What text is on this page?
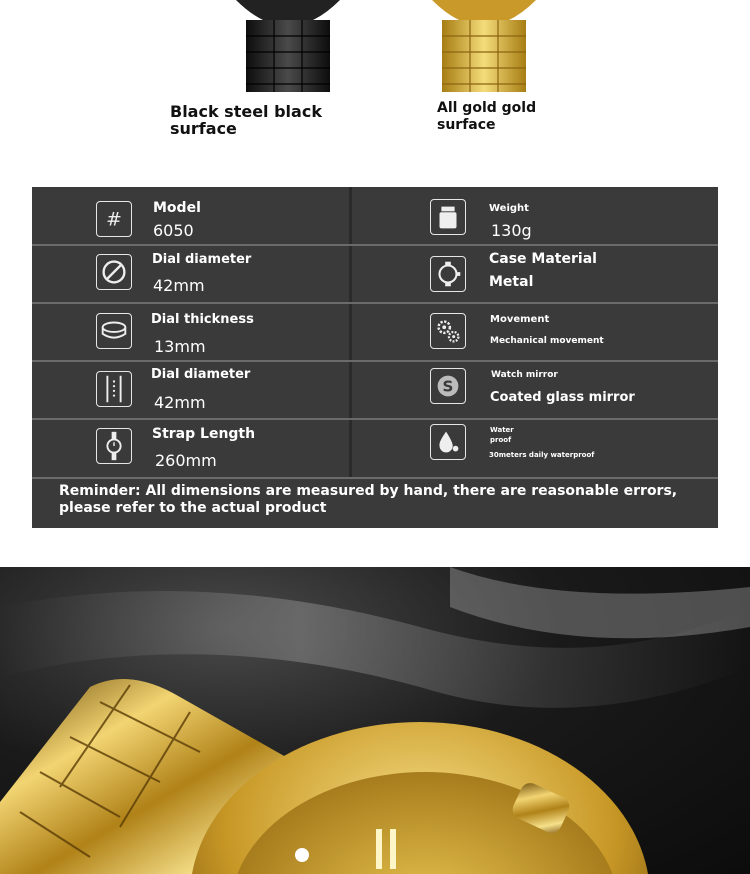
Black steel black surface
All gold gold surface
#
Model
6050
Weight
130g
Dial diameter
42mm
Case Material
Metal
Dial thickness
13mm
Movement
Mechanical movement
Dial diameter
42mm
S
Watch mirror
Coated glass mirror
Strap Length
260mm
Water
proof
30meters daily waterproof
Reminder: All dimensions are measured by hand, there are reasonable errors, please refer to the actual product
